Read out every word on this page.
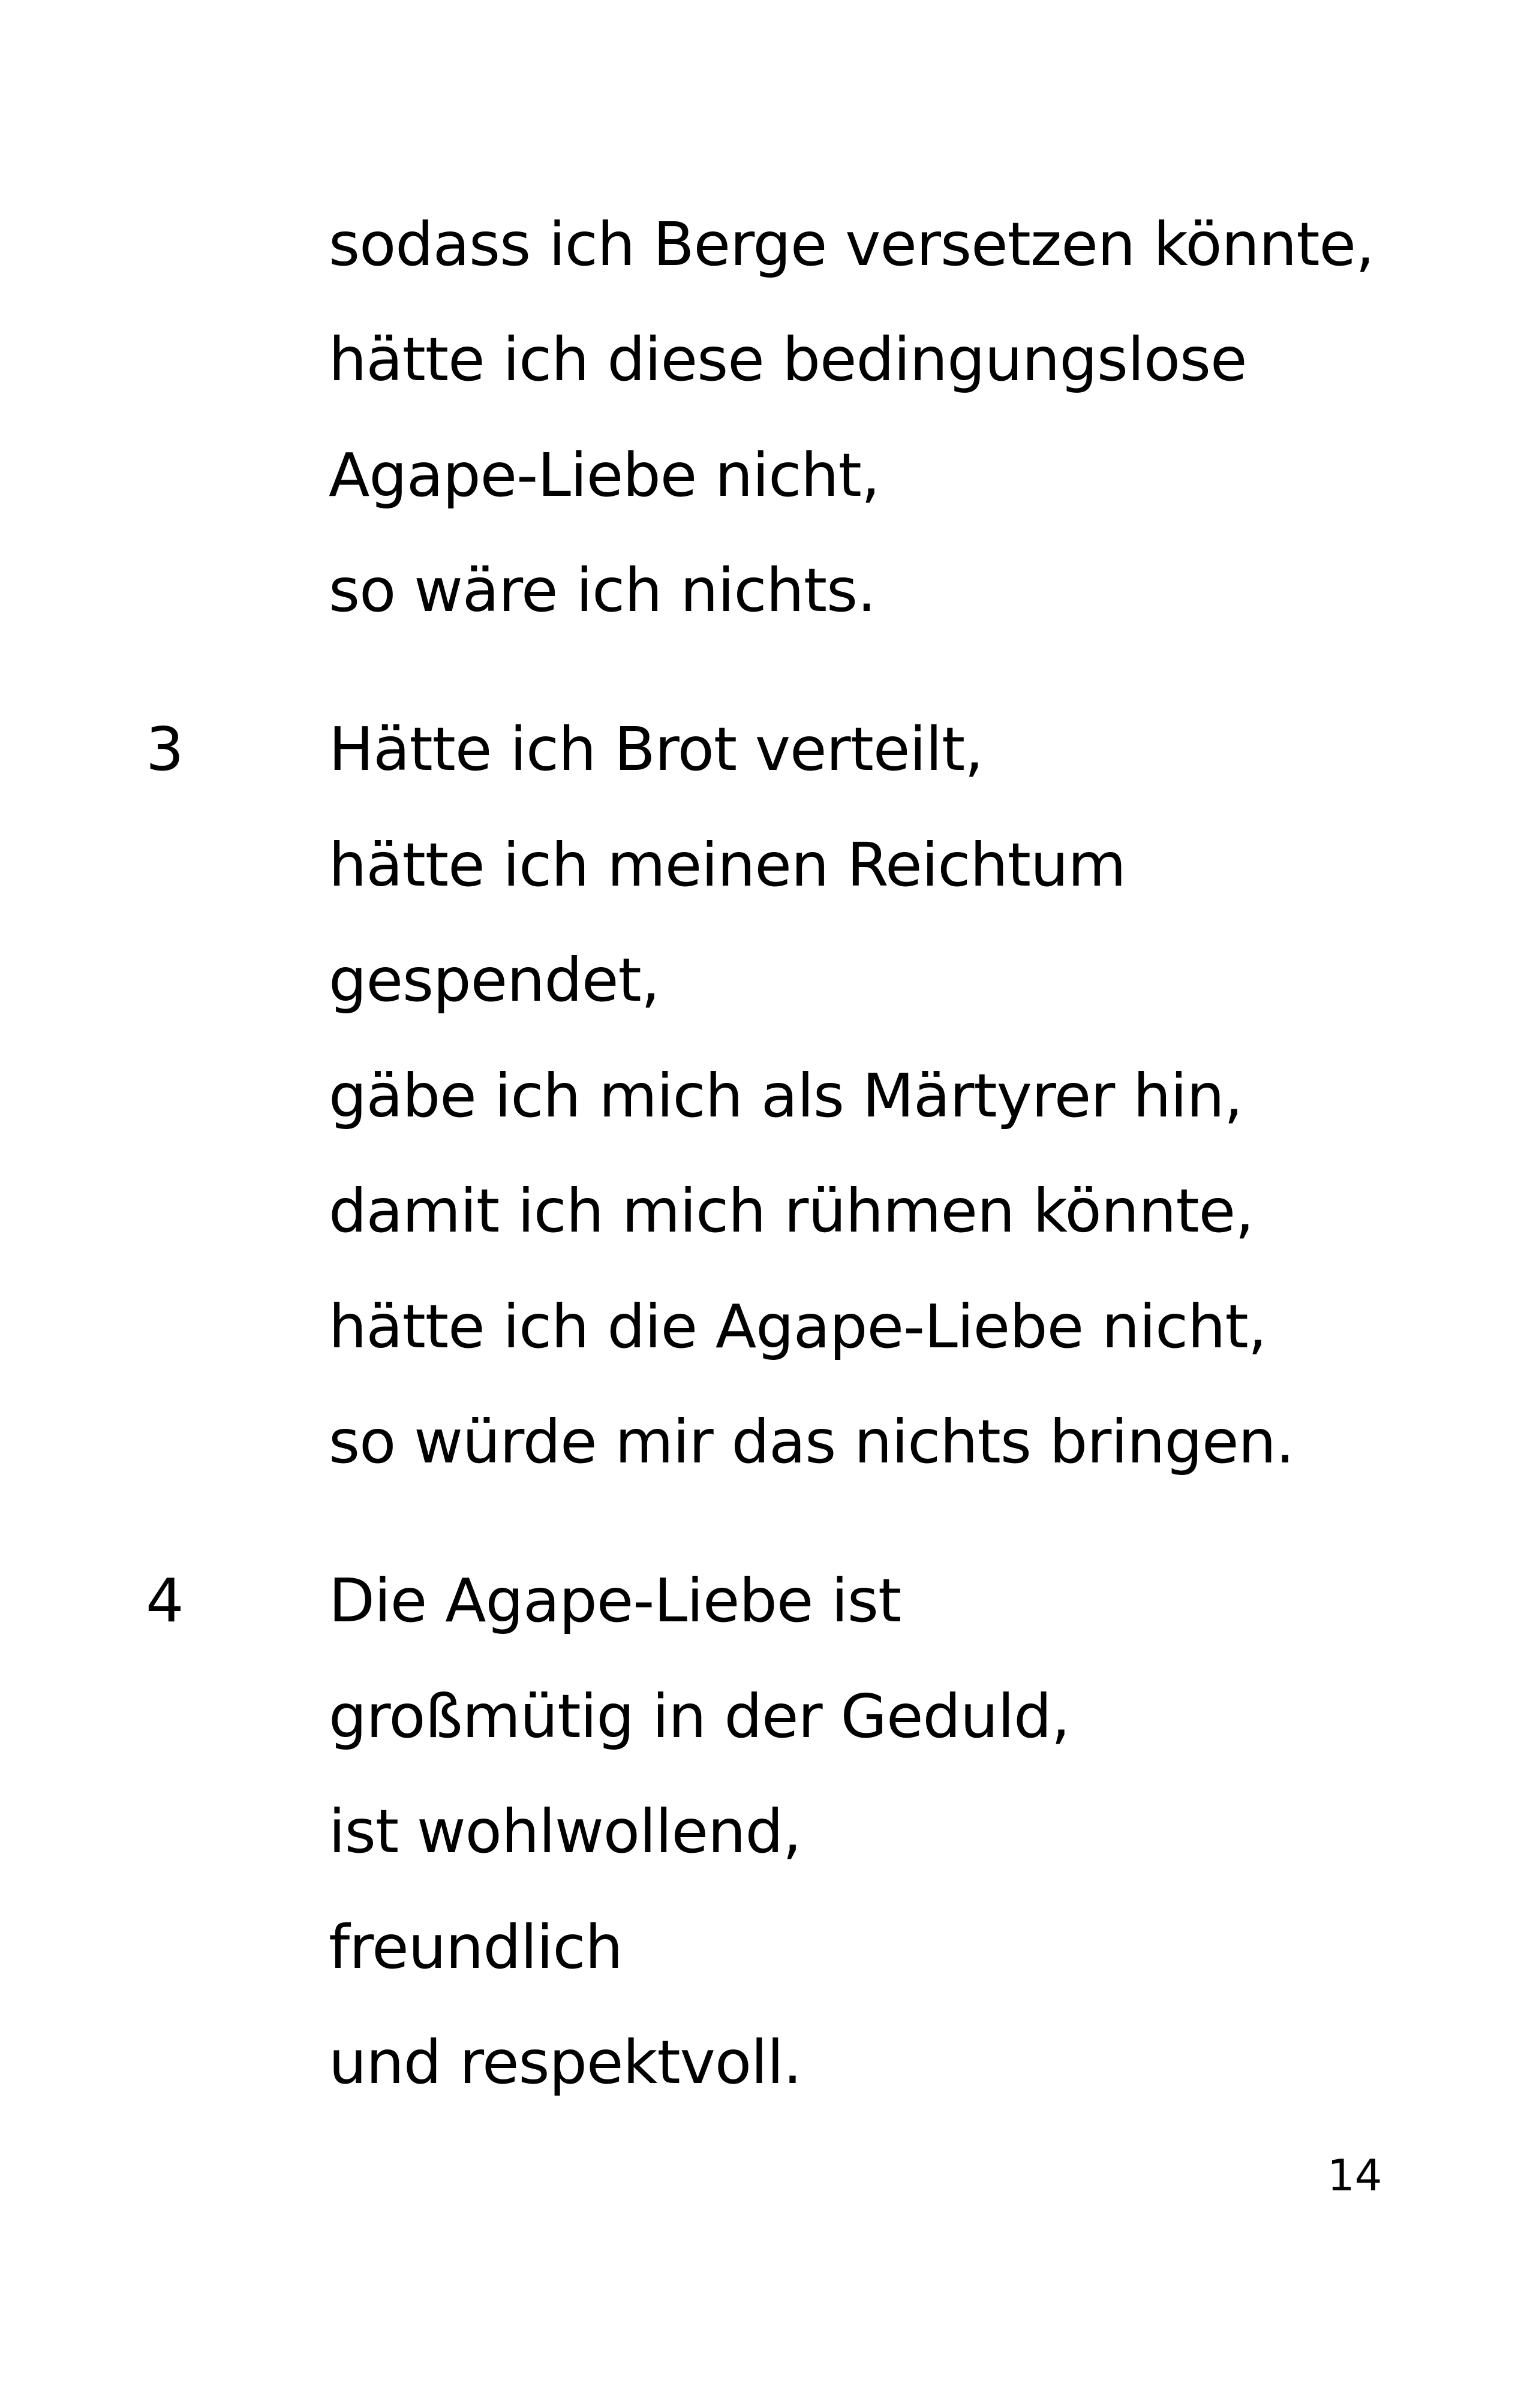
sodass ich Berge versetzen könnte,
hätte ich diese bedingungslose
Agape-Liebe nicht,
so wäre ich nichts.
3 Hätte ich Brot verteilt,
hätte ich meinen Reichtum
gespendet,
gäbe ich mich als Märtyrer hin,
damit ich mich rühmen könnte,
hätte ich die Agape-Liebe nicht,
so würde mir das nichts bringen.
4 Die Agape-Liebe ist
großmütig in der Geduld,
ist wohlwollend,
freundlich
und respektvoll.
14
